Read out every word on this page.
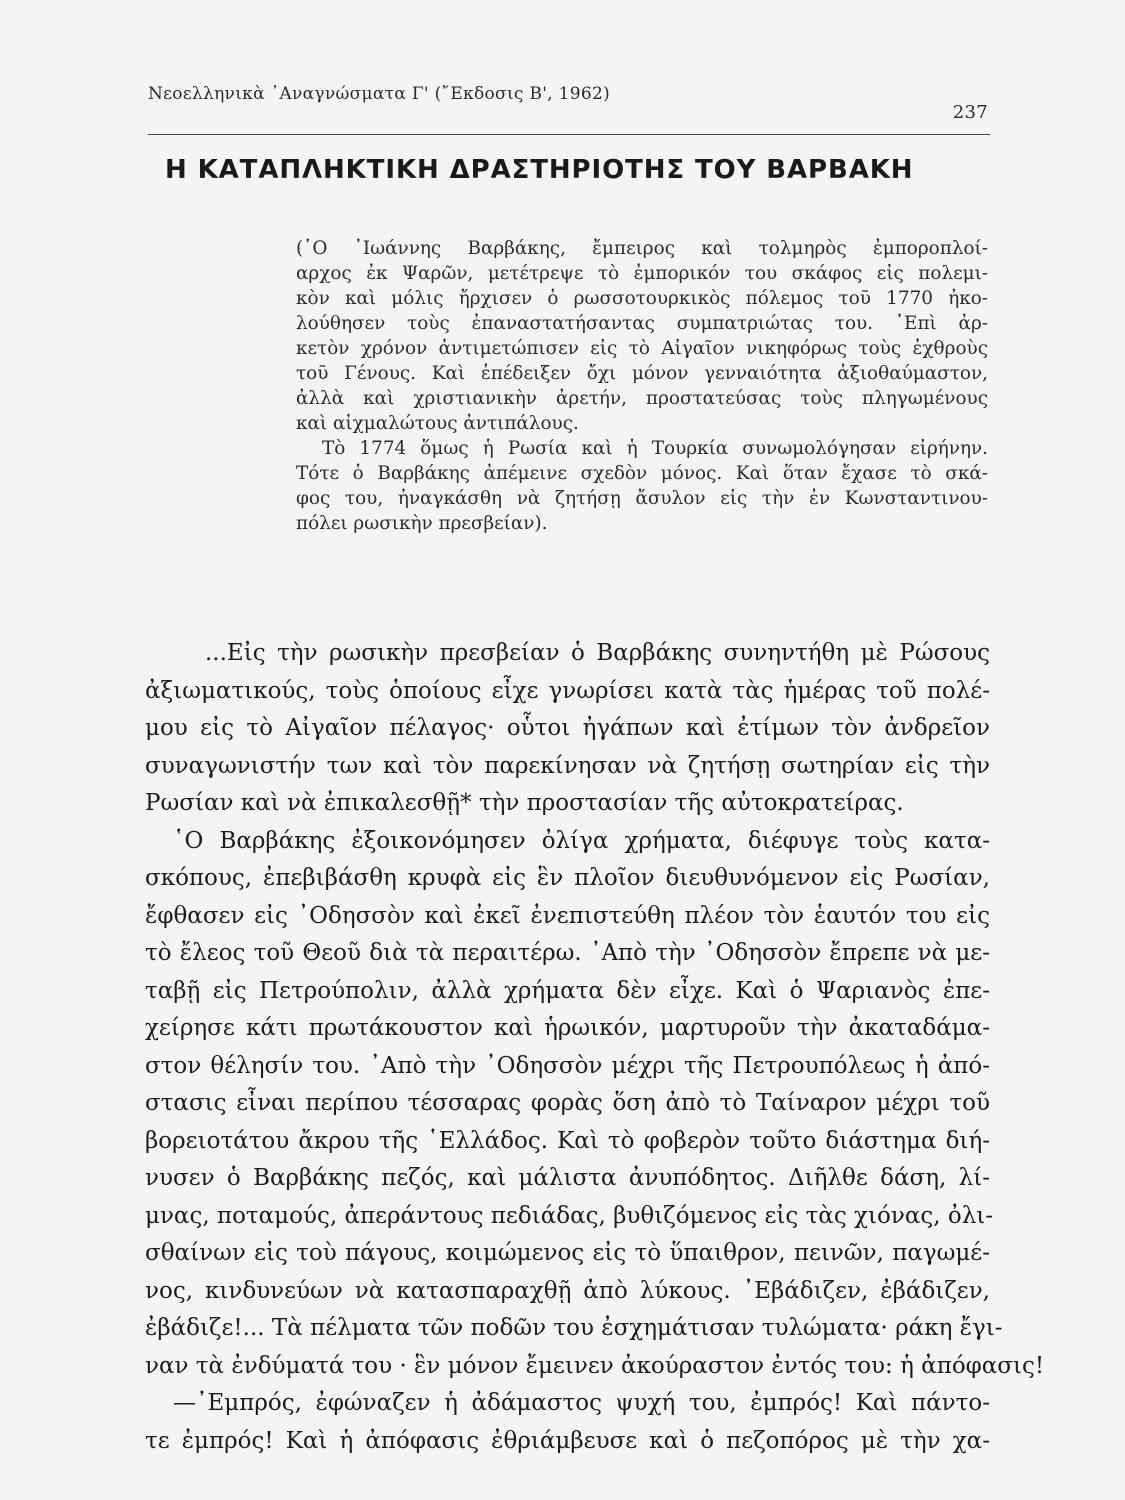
Νεοελληνικὰ ᾿Αναγνώσματα Γ' (῎Εκδοσις Β', 1962)
237
Η ΚΑΤΑΠΛΗΚΤΙΚΗ ΔΡΑΣΤΗΡΙΟΤΗΣ ΤΟΥ ΒΑΡΒΑΚΗ

(῾Ο ᾿Ιωάννης Βαρβάκης, ἔμπειρος καὶ τολμηρὸς ἐμποροπλοί-
αρχος ἐκ Ψαρῶν, μετέτρεψε τὸ ἐμπορικόν του σκάφος εἰς πολεμι-
κὸν καὶ μόλις ἤρχισεν ὁ ρωσσοτουρκικὸς πόλεμος τοῦ 1770 ἠκο-
λούθησεν τοὺς ἐπαναστατήσαντας συμπατριώτας του. ᾿Επὶ ἀρ-
κετὸν χρόνον ἀντιμετώπισεν εἰς τὸ Αἰγαῖον νικηφόρως τοὺς ἐχθροὺς
τοῦ Γένους. Καὶ ἐπέδειξεν ὄχι μόνον γενναιότητα ἀξιοθαύμαστον,
ἀλλὰ καὶ χριστιανικὴν ἀρετήν, προστατεύσας τοὺς πληγωμένους
καὶ αἰχμαλώτους ἀντιπάλους.

Τὸ 1774 ὅμως ἡ Ρωσία καὶ ἡ Τουρκία συνωμολόγησαν εἰρήνην.
Τότε ὁ Βαρβάκης ἀπέμεινε σχεδὸν μόνος. Καὶ ὅταν ἔχασε τὸ σκά-
φος του, ἠναγκάσθη νὰ ζητήσῃ ἄσυλον εἰς τὴν ἐν Κωνσταντινου-
πόλει ρωσικὴν πρεσβείαν).

...Εἰς τὴν ρωσικὴν πρεσβείαν ὁ Βαρβάκης συνηντήθη μὲ Ρώσους

ἀξιωματικούς, τοὺς ὁποίους εἶχε γνωρίσει κατὰ τὰς ἡμέρας τοῦ πολέ-
μου εἰς τὸ Αἰγαῖον πέλαγος· οὗτοι ἠγάπων καὶ ἐτίμων τὸν ἀνδρεῖον
συναγωνιστήν των καὶ τὸν παρεκίνησαν νὰ ζητήσῃ σωτηρίαν εἰς τὴν
Ρωσίαν καὶ νὰ ἐπικαλεσθῇ* τὴν προστασίαν τῆς αὐτοκρατείρας.

῾Ο Βαρβάκης ἐξοικονόμησεν ὀλίγα χρήματα, διέφυγε τοὺς κατα-
σκόπους, ἐπεβιβάσθη κρυφὰ εἰς ἓν πλοῖον διευθυνόμενον εἰς Ρωσίαν,
ἔφθασεν εἰς ᾿Οδησσὸν καὶ ἐκεῖ ἐνεπιστεύθη πλέον τὸν ἑαυτόν του εἰς
τὸ ἔλεος τοῦ Θεοῦ διὰ τὰ περαιτέρω. ᾿Απὸ τὴν ᾿Οδησσὸν ἔπρεπε νὰ με-
ταβῇ εἰς Πετρούπολιν, ἀλλὰ χρήματα δὲν εἶχε. Καὶ ὁ Ψαριανὸς ἐπε-
χείρησε κάτι πρωτάκουστον καὶ ἡρωικόν, μαρτυροῦν τὴν ἀκαταδάμα-
στον θέλησίν του. ᾿Απὸ τὴν ᾿Οδησσὸν μέχρι τῆς Πετρουπόλεως ἡ ἀπό-
στασις εἶναι περίπου τέσσαρας φορὰς ὅση ἀπὸ τὸ Ταίναρον μέχρι τοῦ
βορειοτάτου ἄκρου τῆς ῾Ελλάδος. Καὶ τὸ φοβερὸν τοῦτο διάστημα διή-
νυσεν ὁ Βαρβάκης πεζός, καὶ μάλιστα ἀνυπόδητος. Διῆλθε δάση, λί-
μνας, ποταμούς, ἀπεράντους πεδιάδας, βυθιζόμενος εἰς τὰς χιόνας, ὀλι-
σθαίνων εἰς τοὺ πάγους, κοιμώμενος εἰς τὸ ὕπαιθρον, πεινῶν, παγωμέ-
νος, κινδυνεύων νὰ κατασπαραχθῇ ἀπὸ λύκους. ᾿Εβάδιζεν, ἐβάδιζεν,
ἐβάδιζε!... Τὰ πέλματα τῶν ποδῶν του ἐσχημάτισαν τυλώματα· ράκη ἔγι-
ναν τὰ ἐνδύματά του · ἓν μόνον ἔμεινεν ἀκούραστον ἐντός του: ἡ ἀπόφασις!

—᾿Εμπρός, ἐφώναζεν ἡ ἀδάμαστος ψυχή του, ἐμπρός! Καὶ πάντο-
τε ἐμπρός! Καὶ ἡ ἀπόφασις ἐθριάμβευσε καὶ ὁ πεζοπόρος μὲ τὴν χα-
